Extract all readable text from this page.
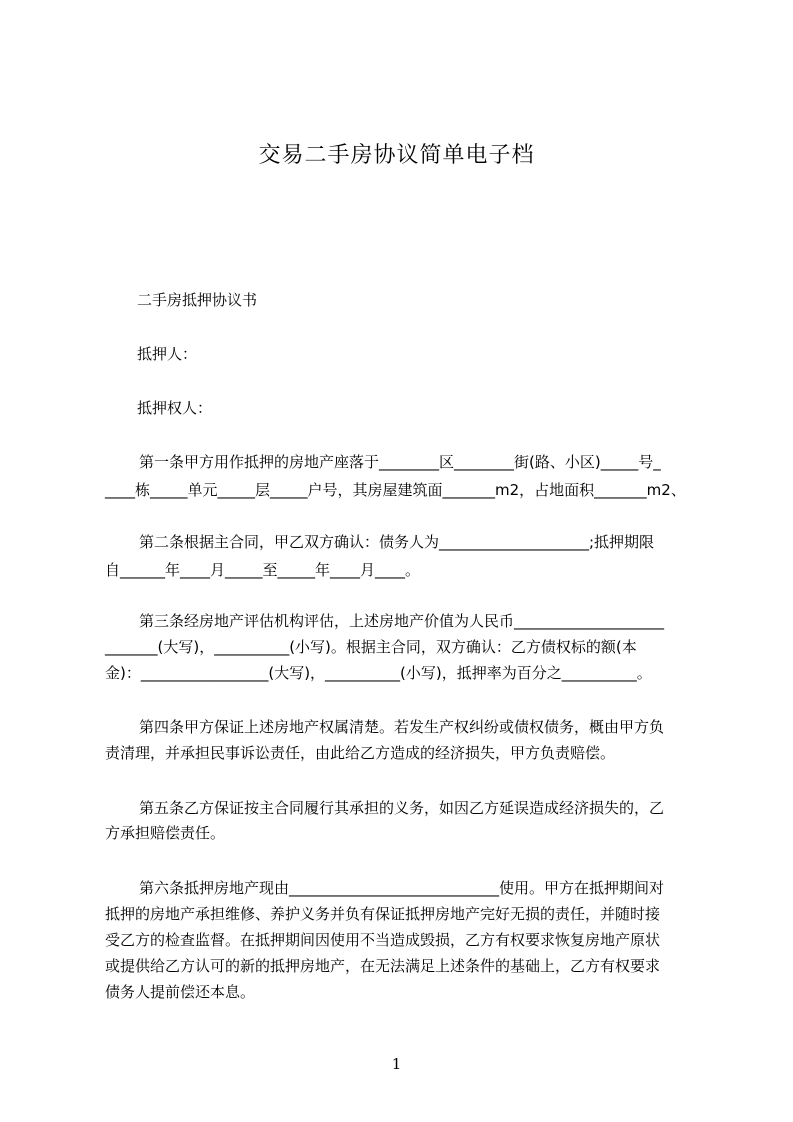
交易二手房协议简单电子档
二手房抵押协议书
抵押人：
抵押权人：
第一条甲方用作抵押的房地产座落于________区________街(路、小区)_____号_
____栋_____单元_____层_____户号，其房屋建筑面_______m2，占地面积_______m2、
第二条根据主合同，甲乙双方确认：债务人为____________________;抵押期限
自______年____月_____至_____年____月____。
第三条经房地产评估机构评估，上述房地产价值为人民币____________________
_______(大写)，__________(小写)。根据主合同，双方确认：乙方债权标的额(本
金)：_________________(大写)，__________(小写)，抵押率为百分之__________。
第四条甲方保证上述房地产权属清楚。若发生产权纠纷或债权债务，概由甲方负
责清理，并承担民事诉讼责任，由此给乙方造成的经济损失，甲方负责赔偿。
第五条乙方保证按主合同履行其承担的义务，如因乙方延误造成经济损失的，乙
方承担赔偿责任。
第六条抵押房地产现由____________________________使用。甲方在抵押期间对
抵押的房地产承担维修、养护义务并负有保证抵押房地产完好无损的责任，并随时接
受乙方的检查监督。在抵押期间因使用不当造成毁损，乙方有权要求恢复房地产原状
或提供给乙方认可的新的抵押房地产，在无法满足上述条件的基础上，乙方有权要求
债务人提前偿还本息。
1
